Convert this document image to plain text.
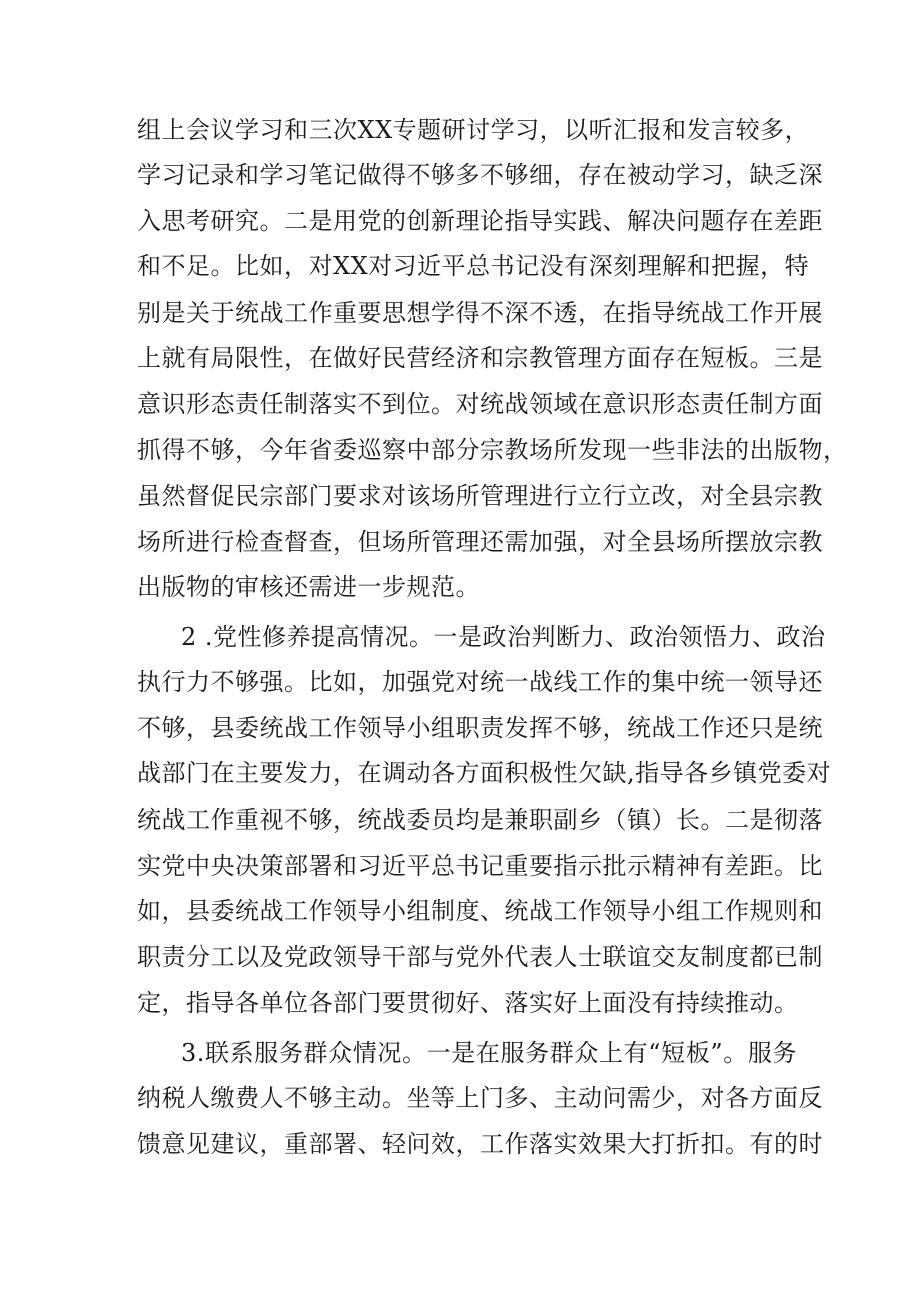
组上会议学习和三次XX专题研讨学习，以听汇报和发言较多，
学习记录和学习笔记做得不够多不够细，存在被动学习，缺乏深
入思考研究。二是用党的创新理论指导实践、解决问题存在差距
和不足。比如，对XX对习近平总书记没有深刻理解和把握，特
别是关于统战工作重要思想学得不深不透，在指导统战工作开展
上就有局限性，在做好民营经济和宗教管理方面存在短板。三是
意识形态责任制落实不到位。对统战领域在意识形态责任制方面
抓得不够，今年省委巡察中部分宗教场所发现一些非法的出版物，
虽然督促民宗部门要求对该场所管理进行立行立改，对全县宗教
场所进行检查督查，但场所管理还需加强，对全县场所摆放宗教
出版物的审核还需进一步规范。
2 .党性修养提高情况。一是政治判断力、政治领悟力、政治
执行力不够强。比如，加强党对统一战线工作的集中统一领导还
不够，县委统战工作领导小组职责发挥不够，统战工作还只是统
战部门在主要发力，在调动各方面积极性欠缺,指导各乡镇党委对
统战工作重视不够，统战委员均是兼职副乡（镇）长。二是彻落
实党中央决策部署和习近平总书记重要指示批示精神有差距。比
如，县委统战工作领导小组制度、统战工作领导小组工作规则和
职责分工以及党政领导干部与党外代表人士联谊交友制度都已制
定，指导各单位各部门要贯彻好、落实好上面没有持续推动。
3.联系服务群众情况。一是在服务群众上有“短板”。服务
纳税人缴费人不够主动。坐等上门多、主动问需少，对各方面反
馈意见建议，重部署、轻问效，工作落实效果大打折扣。有的时
